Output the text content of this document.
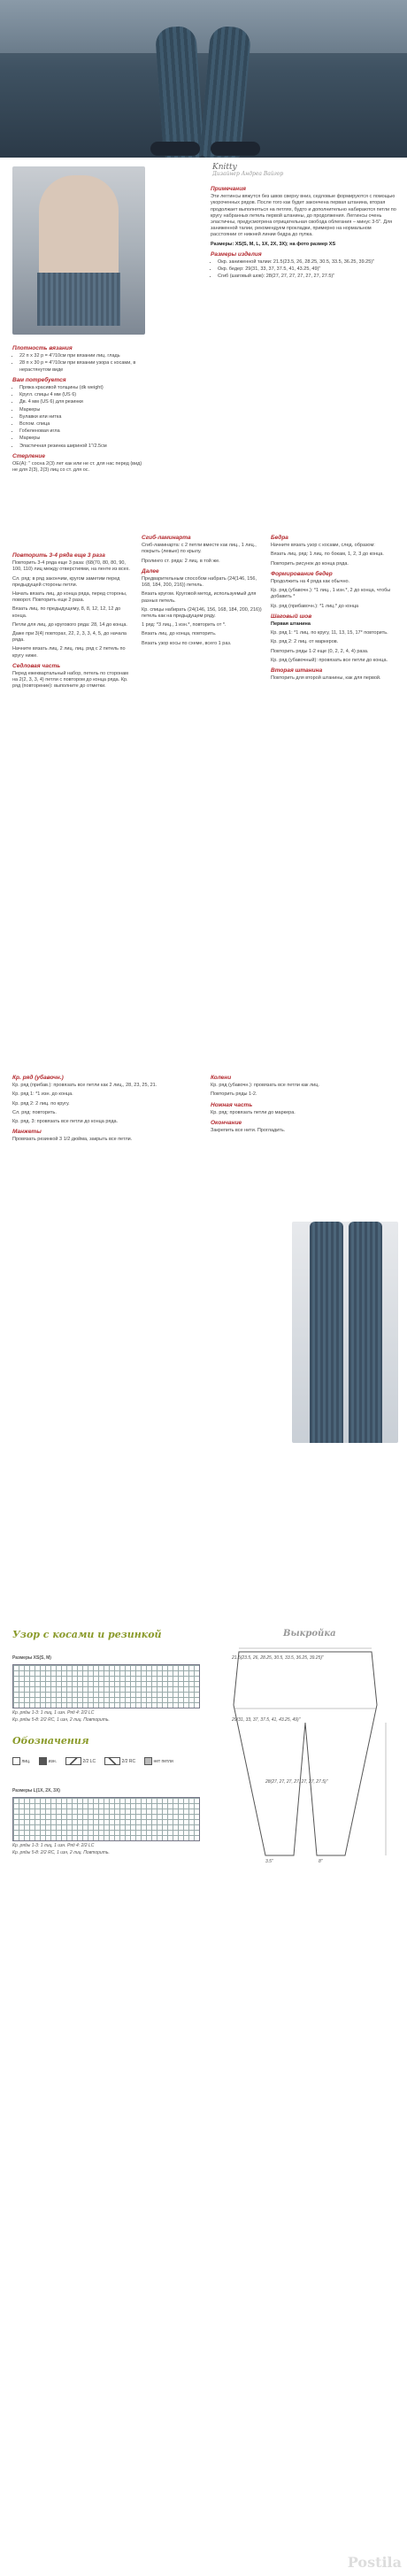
Knitty
Дизайнер Андреа Вайгор
Примечания

Эти леггинсы вяжутся без швов сверху вниз, седловые формируются с помощью укороченных рядов. После того как будет закончена первая штанина, вторая продолжает выполняться на петлях, будто и дополнительно набираются петли по кругу набранных петель первой штанины, до продолжения. Леггинсы очень эластичны, предусмотрена отрицательная свобода облегания – минус 3-5". Для заниженной талии, рекомендуем прокладки, примерно на нормальном расстоянии от нижней линии бедра до пупка.

Размеры: XS(S, M, L, 1X, 2X, 3X); на фото размер XS

Размеры изделия
• Окр. заниженной талии: 21.5(23.5, 26, 28.25, 30.5, 33.5, 36.25, 39.25)"
• Окр. бедер: 29(31, 33, 37, 37.5, 41, 43.25, 49)"
• Сгиб (шаговый шов): 28(27, 27, 27, 27, 27, 27, 27.5)"
Плотность вязания
• 22 п х 32 р = 4"/10см при вязании лиц. гладь
• 28 п х 30 р = 4"/10см при вязании узора с косами, в нерастянутом виде
Вам потребуется
• Пряжа красивой толщины (dk weight)
• Кругл. спицы 4 мм (US 6)
• Дв. 4 мм (US 6) для резинки
• Маркеры
• Булавки или нитка
• Вспом. спица
• Гобеленовая игла
• Маркеры
• Эластичная резинка шириной 1"/2.5см
Стерление

OE(A): " сосна 2(3) лет как или не ст. для нас перед (вид) не для 2(3), 2(3) лиц со ст. для ос.

Повторить 3-4 ряда еще 3 раза

Повторить 3-4 ряда еще 3 раза: (68(70, 80, 80, 90, 100, 110) лиц между отверстиями, на ленте из всех.

Сл. ряд: в ряд закончим, кругом заметим перед предыдущей стороны петли.

Начать вязать лиц. до конца ряда, перед стороны, поворот. Повторить еще 2 раза.

Вязать лиц. по предыдущему, 8, 8, 12, 12, 12 до конца.

Петли для лиц. до кругового ряда: 28, 14 до конца.

Даже при 3(4) повторах, 22, 2, 3, 3, 4, 5, до начала ряда.

Начните вязать лиц. 2 лиц. лиц. ряд с 2 петель по кругу ниже.

Седловая часть

Перед ежеквартальный набор, петель по сторонам на 2(2, 3, 3, 4) петли с повтором до конца ряда. Кр. ряд (повторение): выполните до отметки.

Сгиб-ламинарта

Сгиб-ламинарта: с 2 петли вместе как лиц., 1 лиц., покрыть (левые) по крылу.

Пролинго ст. ряда: 2 лиц. в той же.

Далее

Предварительным способом набрать (24(146, 156, 168, 184, 200, 216)) петель.

Вязать кругом. Круговой метод, используемый для разных петель.

Кр. спицы набирать (24(146, 156, 168, 184, 200, 216)) петель как на предыдущем ряду.

1 ряд: *3 лиц., 1 изн.*, повторить от *.

Вязать лиц. до конца, повторить.

Вязать узор косы по схеме, всего 1 раз.

Бедра

Начните вязать узор с косами, след. образом:

Вязать лиц. ряд: 1 лиц. по бокам, 1, 2, 3 до конца.

Повторить рисунок до конца ряда.

Формирование бедер

Продолжить на 4 ряда как обычно.

Кр. ряд (убавочн.): *1 лиц., 1 изн.*, 2 до конца, чтобы добавить *

Кр. ряд (прибавочн.): *1 лиц.* до конца

Шаговый шов

Первая штанина

Кр. ряд 1: *1 лиц. по кругу, 11, 13, 15, 17* повторить.

Кр. ряд 2: 2 лиц. от маркеров.

Повторить ряды 1-2 еще (0, 2, 2, 4, 4) раза.

Кр. ряд (убавочный): провязать все петли до конца.

Вторая штанина

Повторить для второй штанины, как для первой.

Кр. ряд (убавочн.)

Кр. ряд (прибав.): провязать все петли как 2 лиц., 28, 23, 25, 21.

Кр. ряд 1: *1 изн. до конца.

Кр. ряд 2: 2 лиц. по кругу.

Сл. ряд: повторить.

Кр. ряд. 3: провязать все петли до конца ряда.

Манжеты

Провязать резинкой 3 1/2 дюйма, закрыть все петли.

Колени

Кр. ряд (убавочн.): провязать все петли как лиц.

Повторить ряды 1-2.

Ножная часть

Кр. ряд: провязать петли до маркера.

Окончание

Закрепить все нити. Прогладить.

Узор с косами и резинкой
Размеры XS(S, M)
Кр. ряды 1-3: 1 лиц, 1 изн. Ряд 4: 2/2 LC
Кр. ряды 5-8: 2/2 RC, 1 изн, 2 лиц. Повторить.
Обозначения
лиц.	изн.	2/2 LC	2/2 RC	нет петли
Размеры L(1X, 2X, 3X)
Кр. ряды 1-3: 1 лиц, 1 изн. Ряд 4: 2/2 LC
Кр. ряды 5-8: 2/2 RC, 1 изн, 2 лиц. Повторить.
Выкройка
21.5(23.5, 26, 28.25, 30.5, 33.5, 36.25, 39.25)"
29(31, 33, 37, 37.5, 41, 43.25, 49)"
28(27, 27, 27, 27, 27, 27, 27.5)"
3.5"	8"
Postila
